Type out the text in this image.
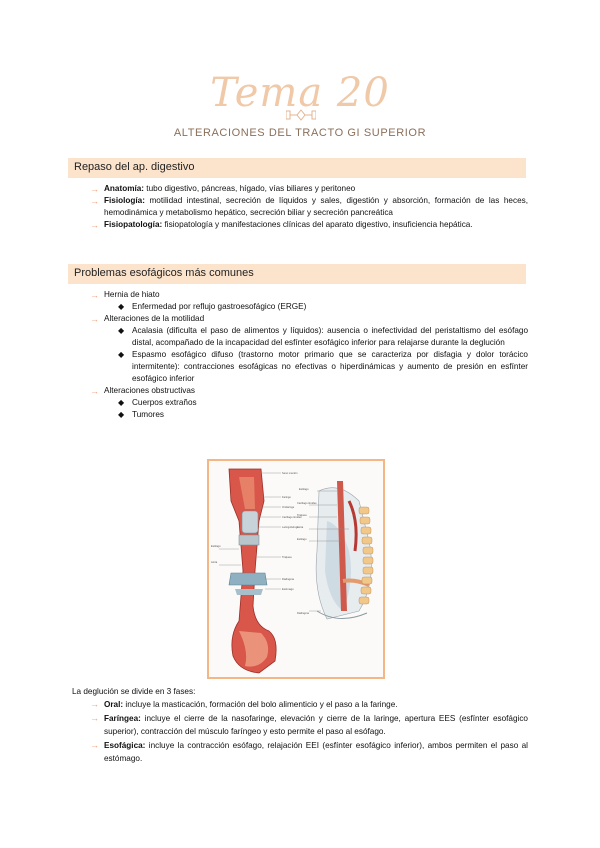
Tema 20
ALTERACIONES DEL TRACTO GI SUPERIOR
Repaso del ap. digestivo

→ Anatomía: tubo digestivo, páncreas, hígado, vías biliares y peritoneo

→ Fisiología: motilidad intestinal, secreción de líquidos y sales, digestión y absorción, formación de las heces, hemodinámica y metabolismo hepático, secreción biliar y secreción pancreática

→ Fisiopatología: fisiopatología y manifestaciones clínicas del aparato digestivo, insuficiencia hepática.

Problemas esofágicos más comunes

→ Hernia de hiato

◆ Enfermedad por reflujo gastroesofágico (ERGE)

→ Alteraciones de la motilidad

◆ Acalasia (dificulta el paso de alimentos y líquidos): ausencia o inefectividad del peristaltismo del esófago distal, acompañado de la incapacidad del esfínter esofágico inferior para relajarse durante la deglución

◆ Espasmo esofágico difuso (trastorno motor primario que se caracteriza por disfagia y dolor torácico intermitente): contracciones esofágicas no efectivas o hiperdinámicas y aumento de presión en esfínter esofágico inferior

→ Alteraciones obstructivas

◆ Cuerpos extraños

◆ Tumores

Seno mentón
Faringe
Orofaringe
Cartílago tiroides
Laringofaringe
Esófago
Tráquea
Aorta
Diafragma
Estómago
Esófago
Cartílago tiroides
Tráquea
Aorta
Esófago
Diafragma
La deglución se divide en 3 fases:

→ Oral: incluye la masticación, formación del bolo alimenticio y el paso a la faringe.

→ Faríngea: incluye el cierre de la nasofaringe, elevación y cierre de la laringe, apertura EES (esfínter esofágico superior), contracción del músculo faríngeo y esto permite el paso al esófago.

→ Esofágica: incluye la contracción esófago, relajación EEI (esfínter esofágico inferior), ambos permiten el paso al estómago.
